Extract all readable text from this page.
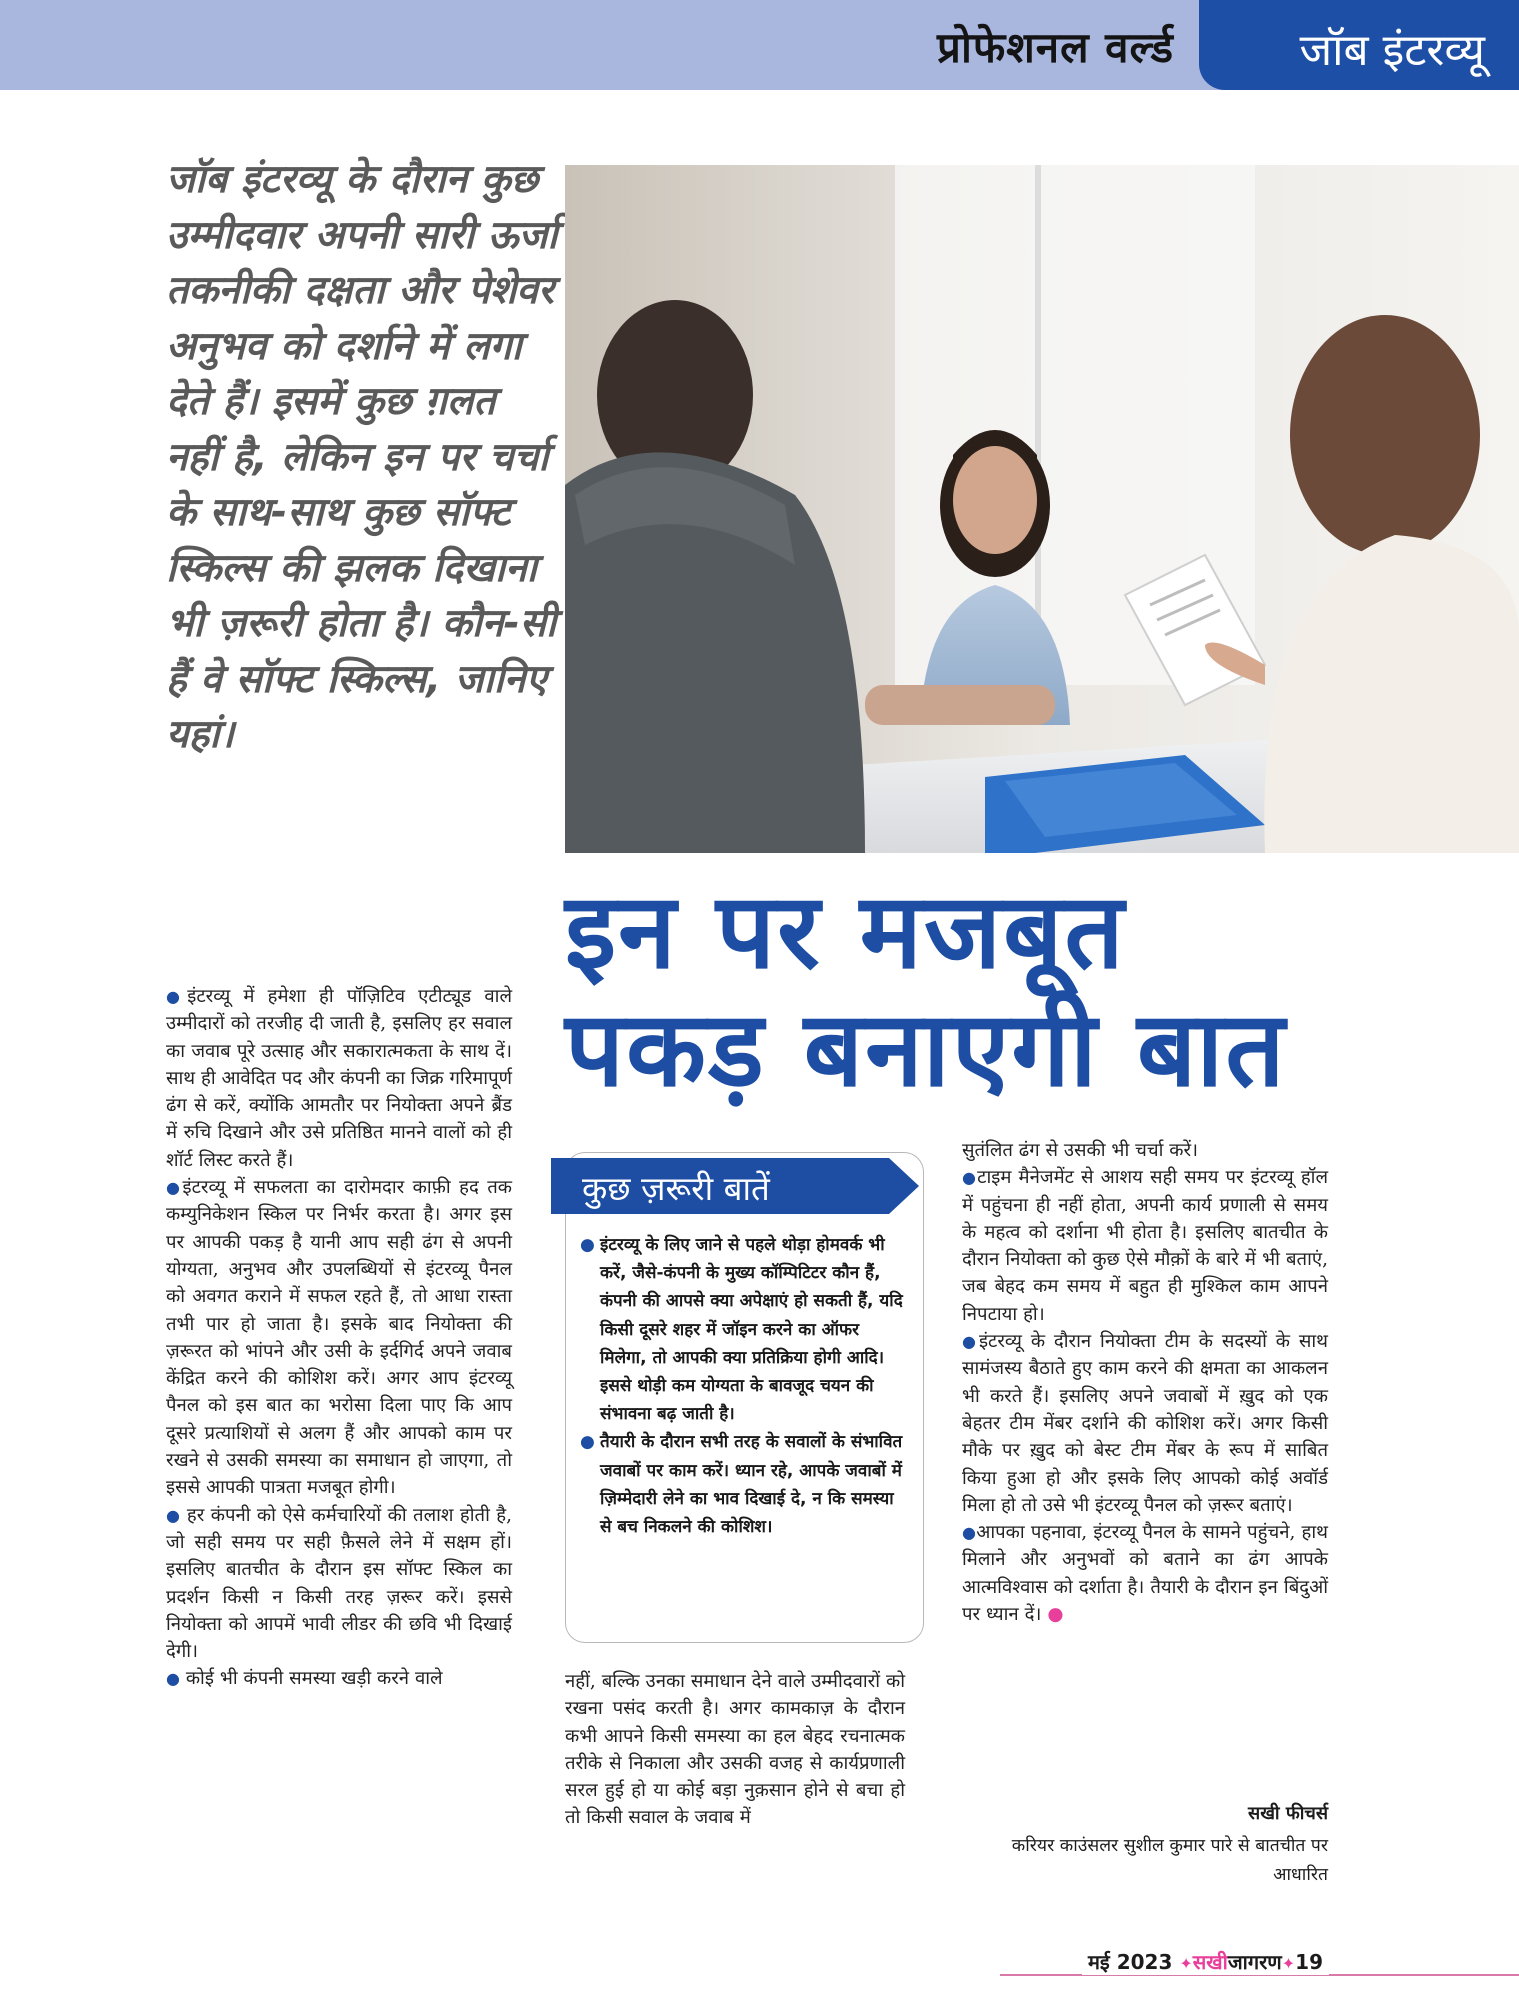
प्रोफेशनल वर्ल्ड	जॉब इंटरव्यू

जॉब इंटरव्यू के दौरान कुछ उम्मीदवार अपनी सारी ऊर्जा तकनीकी दक्षता और पेशेवर अनुभव को दर्शाने में लगा देते हैं। इसमें कुछ ग़लत नहीं है, लेकिन इन पर चर्चा के साथ-साथ कुछ सॉफ्ट स्किल्स की झलक दिखाना भी ज़रूरी होता है। कौन-सी हैं वे सॉफ्ट स्किल्स, जानिए यहां।

इन पर मजबूत
पकड़ बनाएगी बात

●इंटरव्यू में हमेशा ही पॉज़िटिव एटीट्यूड वाले उम्मीदारों को तरजीह दी जाती है, इसलिए हर सवाल का जवाब पूरे उत्साह और सकारात्मकता के साथ दें। साथ ही आवेदित पद और कंपनी का जिक्र गरिमापूर्ण ढंग से करें, क्योंकि आमतौर पर नियोक्ता अपने ब्रैंड में रुचि दिखाने और उसे प्रतिष्ठित मानने वालों को ही शॉर्ट लिस्ट करते हैं।

●इंटरव्यू में सफलता का दारोमदार काफ़ी हद तक कम्युनिकेशन स्किल पर निर्भर करता है। अगर इस पर आपकी पकड़ है यानी आप सही ढंग से अपनी योग्यता, अनुभव और उपलब्धियों से इंटरव्यू पैनल को अवगत कराने में सफल रहते हैं, तो आधा रास्ता तभी पार हो जाता है। इसके बाद नियोक्ता की ज़रूरत को भांपने और उसी के इर्दगिर्द अपने जवाब केंद्रित करने की कोशिश करें। अगर आप इंटरव्यू पैनल को इस बात का भरोसा दिला पाए कि आप दूसरे प्रत्याशियों से अलग हैं और आपको काम पर रखने से उसकी समस्या का समाधान हो जाएगा, तो इससे आपकी पात्रता मजबूत होगी।

● हर कंपनी को ऐसे कर्मचारियों की तलाश होती है, जो सही समय पर सही फ़ैसले लेने में सक्षम हों। इसलिए बातचीत के दौरान इस सॉफ्ट स्किल का प्रदर्शन किसी न किसी तरह ज़रूर करें। इससे नियोक्ता को आपमें भावी लीडर की छवि भी दिखाई देगी।

● कोई भी कंपनी समस्या खड़ी करने वाले

कुछ ज़रूरी बातें

● इंटरव्यू के लिए जाने से पहले थोड़ा होमवर्क भी करें, जैसे-कंपनी के मुख्य कॉम्पिटिटर कौन हैं, कंपनी की आपसे क्या अपेक्षाएं हो सकती हैं, यदि किसी दूसरे शहर में जॉइन करने का ऑफर मिलेगा, तो आपकी क्या प्रतिक्रिया होगी आदि। इससे थोड़ी कम योग्यता के बावजूद चयन की संभावना बढ़ जाती है।

● तैयारी के दौरान सभी तरह के सवालों के संभावित जवाबों पर काम करें। ध्यान रहे, आपके जवाबों में ज़िम्मेदारी लेने का भाव दिखाई दे, न कि समस्या से बच निकलने की कोशिश।

नहीं, बल्कि उनका समाधान देने वाले उम्मीदवारों को रखना पसंद करती है। अगर कामकाज़ के दौरान कभी आपने किसी समस्या का हल बेहद रचनात्मक तरीके से निकाला और उसकी वजह से कार्यप्रणाली सरल हुई हो या कोई बड़ा नुक़सान होने से बचा हो तो किसी सवाल के जवाब में

सुतंलित ढंग से उसकी भी चर्चा करें।

●टाइम मैनेजमेंट से आशय सही समय पर इंटरव्यू हॉल में पहुंचना ही नहीं होता, अपनी कार्य प्रणाली से समय के महत्व को दर्शाना भी होता है। इसलिए बातचीत के दौरान नियोक्ता को कुछ ऐसे मौक़ों के बारे में भी बताएं, जब बेहद कम समय में बहुत ही मुश्किल काम आपने निपटाया हो।

●इंटरव्यू के दौरान नियोक्ता टीम के सदस्यों के साथ सामंजस्य बैठाते हुए काम करने की क्षमता का आकलन भी करते हैं। इसलिए अपने जवाबों में ख़ुद को एक बेहतर टीम मेंबर दर्शाने की कोशिश करें। अगर किसी मौके पर ख़ुद को बेस्ट टीम मेंबर के रूप में साबित किया हुआ हो और इसके लिए आपको कोई अवॉर्ड मिला हो तो उसे भी इंटरव्यू पैनल को ज़रूर बताएं।

●आपका पहनावा, इंटरव्यू पैनल के सामने पहुंचने, हाथ मिलाने और अनुभवों को बताने का ढंग आपके आत्मविश्वास को दर्शाता है। तैयारी के दौरान इन बिंदुओं पर ध्यान दें। ●

सखी फीचर्स
करियर काउंसलर सुशील कुमार पारे से बातचीत पर आधारित
मई 2023 ✦सखीजागरण✦19
